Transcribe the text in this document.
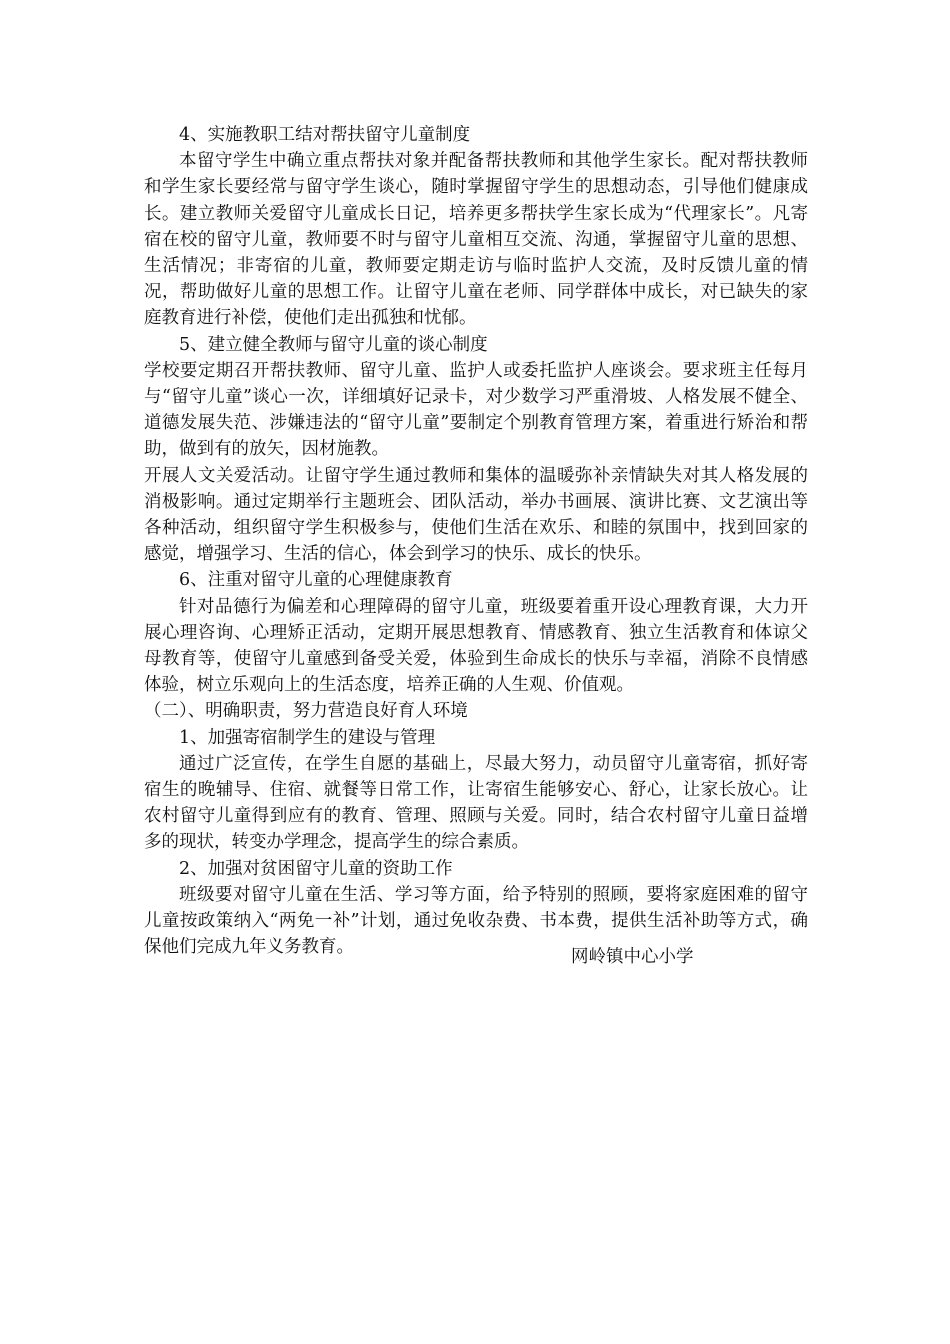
4、实施教职工结对帮扶留守儿童制度

本留守学生中确立重点帮扶对象并配备帮扶教师和其他学生家长。配对帮扶教师和学生家长要经常与留守学生谈心，随时掌握留守学生的思想动态，引导他们健康成长。建立教师关爱留守儿童成长日记，培养更多帮扶学生家长成为“代理家长”。凡寄宿在校的留守儿童，教师要不时与留守儿童相互交流、沟通，掌握留守儿童的思想、生活情况；非寄宿的儿童，教师要定期走访与临时监护人交流，及时反馈儿童的情况，帮助做好儿童的思想工作。让留守儿童在老师、同学群体中成长，对已缺失的家庭教育进行补偿，使他们走出孤独和忧郁。

5、建立健全教师与留守儿童的谈心制度

学校要定期召开帮扶教师、留守儿童、监护人或委托监护人座谈会。要求班主任每月与“留守儿童”谈心一次，详细填好记录卡，对少数学习严重滑坡、人格发展不健全、道德发展失范、涉嫌违法的“留守儿童”要制定个别教育管理方案，着重进行矫治和帮助，做到有的放矢，因材施教。

开展人文关爱活动。让留守学生通过教师和集体的温暖弥补亲情缺失对其人格发展的消极影响。通过定期举行主题班会、团队活动，举办书画展、演讲比赛、文艺演出等各种活动，组织留守学生积极参与，使他们生活在欢乐、和睦的氛围中，找到回家的感觉，增强学习、生活的信心，体会到学习的快乐、成长的快乐。

6、注重对留守儿童的心理健康教育

针对品德行为偏差和心理障碍的留守儿童，班级要着重开设心理教育课，大力开展心理咨询、心理矫正活动，定期开展思想教育、情感教育、独立生活教育和体谅父母教育等，使留守儿童感到备受关爱，体验到生命成长的快乐与幸福，消除不良情感体验，树立乐观向上的生活态度，培养正确的人生观、价值观。

（二）、明确职责，努力营造良好育人环境

1、加强寄宿制学生的建设与管理

通过广泛宣传，在学生自愿的基础上，尽最大努力，动员留守儿童寄宿，抓好寄宿生的晚辅导、住宿、就餐等日常工作，让寄宿生能够安心、舒心，让家长放心。让农村留守儿童得到应有的教育、管理、照顾与关爱。同时，结合农村留守儿童日益增多的现状，转变办学理念，提高学生的综合素质。

2、加强对贫困留守儿童的资助工作

班级要对留守儿童在生活、学习等方面，给予特别的照顾，要将家庭困难的留守儿童按政策纳入“两免一补”计划，通过免收杂费、书本费，提供生活补助等方式，确保他们完成九年义务教育。	网岭镇中心小学
